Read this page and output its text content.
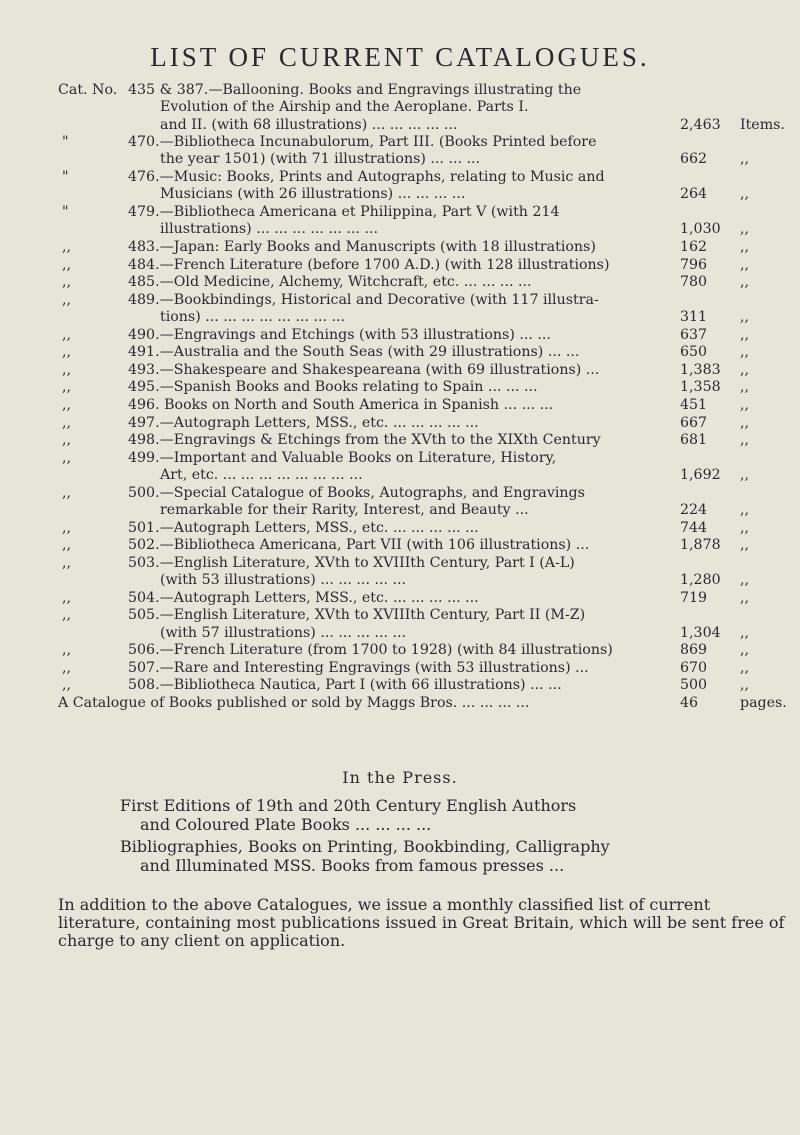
LIST OF CURRENT CATALOGUES.
Cat. No. 435 & 387.—Ballooning. Books and Engravings illustrating the
Evolution of the Airship and the Aeroplane. Parts I.
and II. (with 68 illustrations) ... ... ... ... ...	2,463 Items.
"	470.—Bibliotheca Incunabulorum, Part III. (Books Printed before
the year 1501) (with 71 illustrations) ... ... ...	662 ,,
"	476.—Music: Books, Prints and Autographs, relating to Music and
Musicians (with 26 illustrations) ... ... ... ...	264 ,,
"	479.—Bibliotheca Americana et Philippina, Part V (with 214
illustrations) ... ... ... ... ... ... ...	1,030 ,,
,,	483.—Japan: Early Books and Manuscripts (with 18 illustrations)	162 ,,
,,	484.—French Literature (before 1700 A.D.) (with 128 illustrations)	796 ,,
,,	485.—Old Medicine, Alchemy, Witchcraft, etc. ... ... ... ...	780 ,,
,,	489.—Bookbindings, Historical and Decorative (with 117 illustra-
tions) ... ... ... ... ... ... ... ...	311 ,,
,,	490.—Engravings and Etchings (with 53 illustrations) ... ...	637 ,,
,,	491.—Australia and the South Seas (with 29 illustrations) ... ...	650 ,,
,,	493.—Shakespeare and Shakespeareana (with 69 illustrations) ...	1,383 ,,
,,	495.—Spanish Books and Books relating to Spain ... ... ...	1,358 ,,
,,	496. Books on North and South America in Spanish ... ... ...	451 ,,
,,	497.—Autograph Letters, MSS., etc. ... ... ... ... ...	667 ,,
,,	498.—Engravings & Etchings from the XVth to the XIXth Century	681 ,,
,,	499.—Important and Valuable Books on Literature, History,
Art, etc. ... ... ... ... ... ... ... ...	1,692 ,,
,,	500.—Special Catalogue of Books, Autographs, and Engravings
remarkable for their Rarity, Interest, and Beauty ...	224 ,,
,,	501.—Autograph Letters, MSS., etc. ... ... ... ... ...	744 ,,
,,	502.—Bibliotheca Americana, Part VII (with 106 illustrations) ...	1,878 ,,
,,	503.—English Literature, XVth to XVIIIth Century, Part I (A-L)
(with 53 illustrations) ... ... ... ... ...	1,280 ,,
,,	504.—Autograph Letters, MSS., etc. ... ... ... ... ...	719 ,,
,,	505.—English Literature, XVth to XVIIIth Century, Part II (M-Z)
(with 57 illustrations) ... ... ... ... ...	1,304 ,,
,,	506.—French Literature (from 1700 to 1928) (with 84 illustrations)	869 ,,
,,	507.—Rare and Interesting Engravings (with 53 illustrations) ...	670 ,,
,,	508.—Bibliotheca Nautica, Part I (with 66 illustrations) ... ...	500 ,,
A Catalogue of Books published or sold by Maggs Bros. ... ... ... ...	46	pages.
In the Press.
First Editions of 19th and 20th Century English Authors
and Coloured Plate Books ... ... ... ...
Bibliographies, Books on Printing, Bookbinding, Calligraphy
and Illuminated MSS. Books from famous presses ...
In addition to the above Catalogues, we issue a monthly classified list of current literature, containing most publications issued in Great Britain, which will be sent free of charge to any client on application.
